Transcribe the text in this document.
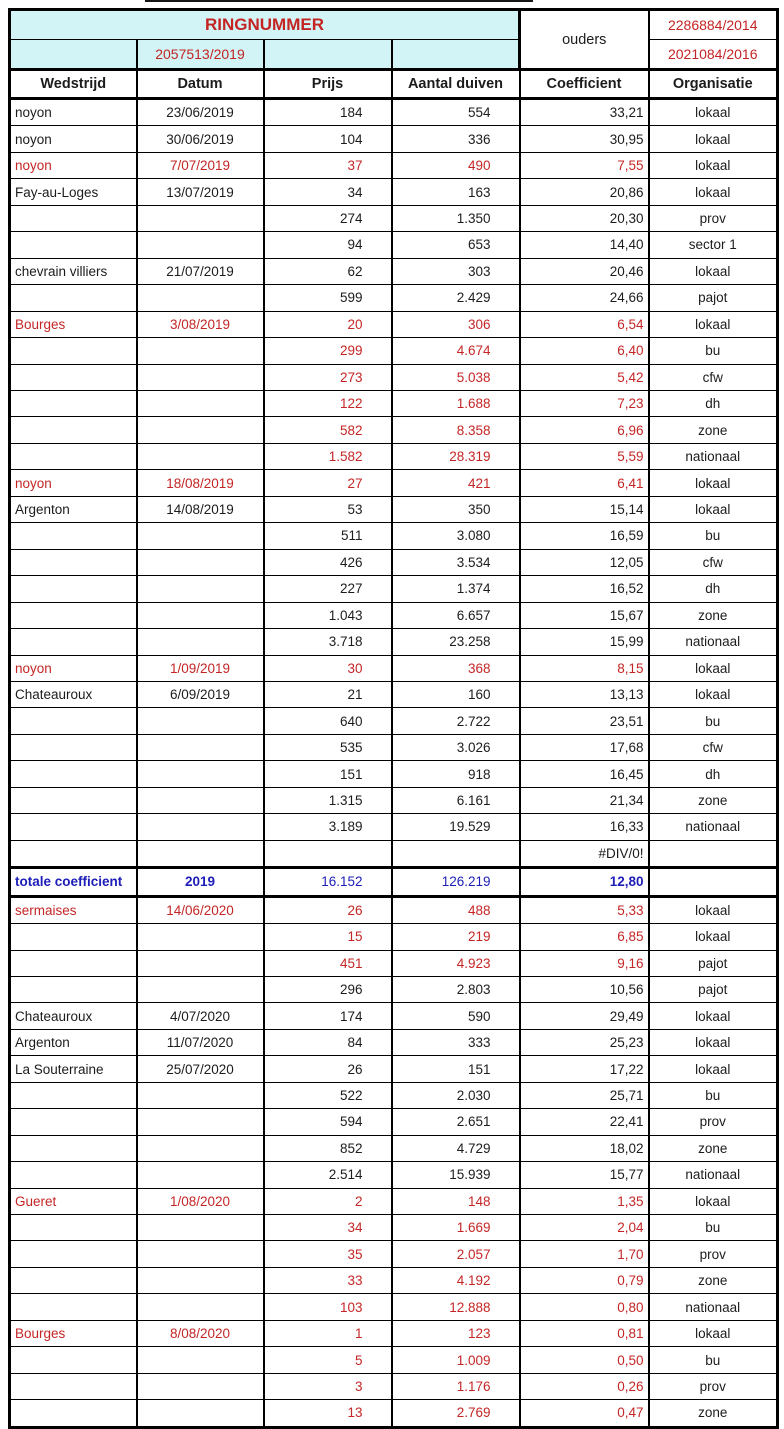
RINGNUMMER				ouders	2286884/2014
	2057513/2019				2021084/2016
Wedstrijd	Datum	Prijs	Aantal duiven	Coefficient	Organisatie
noyon	23/06/2019	184	554	33,21	lokaal
noyon	30/06/2019	104	336	30,95	lokaal
noyon	7/07/2019	37	490	7,55	lokaal
Fay-au-Loges	13/07/2019	34	163	20,86	lokaal
		274	1.350	20,30	prov
		94	653	14,40	sector 1
chevrain villiers	21/07/2019	62	303	20,46	lokaal
		599	2.429	24,66	pajot
Bourges	3/08/2019	20	306	6,54	lokaal
		299	4.674	6,40	bu
		273	5.038	5,42	cfw
		122	1.688	7,23	dh
		582	8.358	6,96	zone
		1.582	28.319	5,59	nationaal
noyon	18/08/2019	27	421	6,41	lokaal
Argenton	14/08/2019	53	350	15,14	lokaal
		511	3.080	16,59	bu
		426	3.534	12,05	cfw
		227	1.374	16,52	dh
		1.043	6.657	15,67	zone
		3.718	23.258	15,99	nationaal
noyon	1/09/2019	30	368	8,15	lokaal
Chateauroux	6/09/2019	21	160	13,13	lokaal
		640	2.722	23,51	bu
		535	3.026	17,68	cfw
		151	918	16,45	dh
		1.315	6.161	21,34	zone
		3.189	19.529	16,33	nationaal
				#DIV/0!	
totale coefficient	2019	16.152	126.219	12,80	
sermaises	14/06/2020	26	488	5,33	lokaal
		15	219	6,85	lokaal
		451	4.923	9,16	pajot
		296	2.803	10,56	pajot
Chateauroux	4/07/2020	174	590	29,49	lokaal
Argenton	11/07/2020	84	333	25,23	lokaal
La Souterraine	25/07/2020	26	151	17,22	lokaal
		522	2.030	25,71	bu
		594	2.651	22,41	prov
		852	4.729	18,02	zone
		2.514	15.939	15,77	nationaal
Gueret	1/08/2020	2	148	1,35	lokaal
		34	1.669	2,04	bu
		35	2.057	1,70	prov
		33	4.192	0,79	zone
		103	12.888	0,80	nationaal
Bourges	8/08/2020	1	123	0,81	lokaal
		5	1.009	0,50	bu
		3	1.176	0,26	prov
		13	2.769	0,47	zone
